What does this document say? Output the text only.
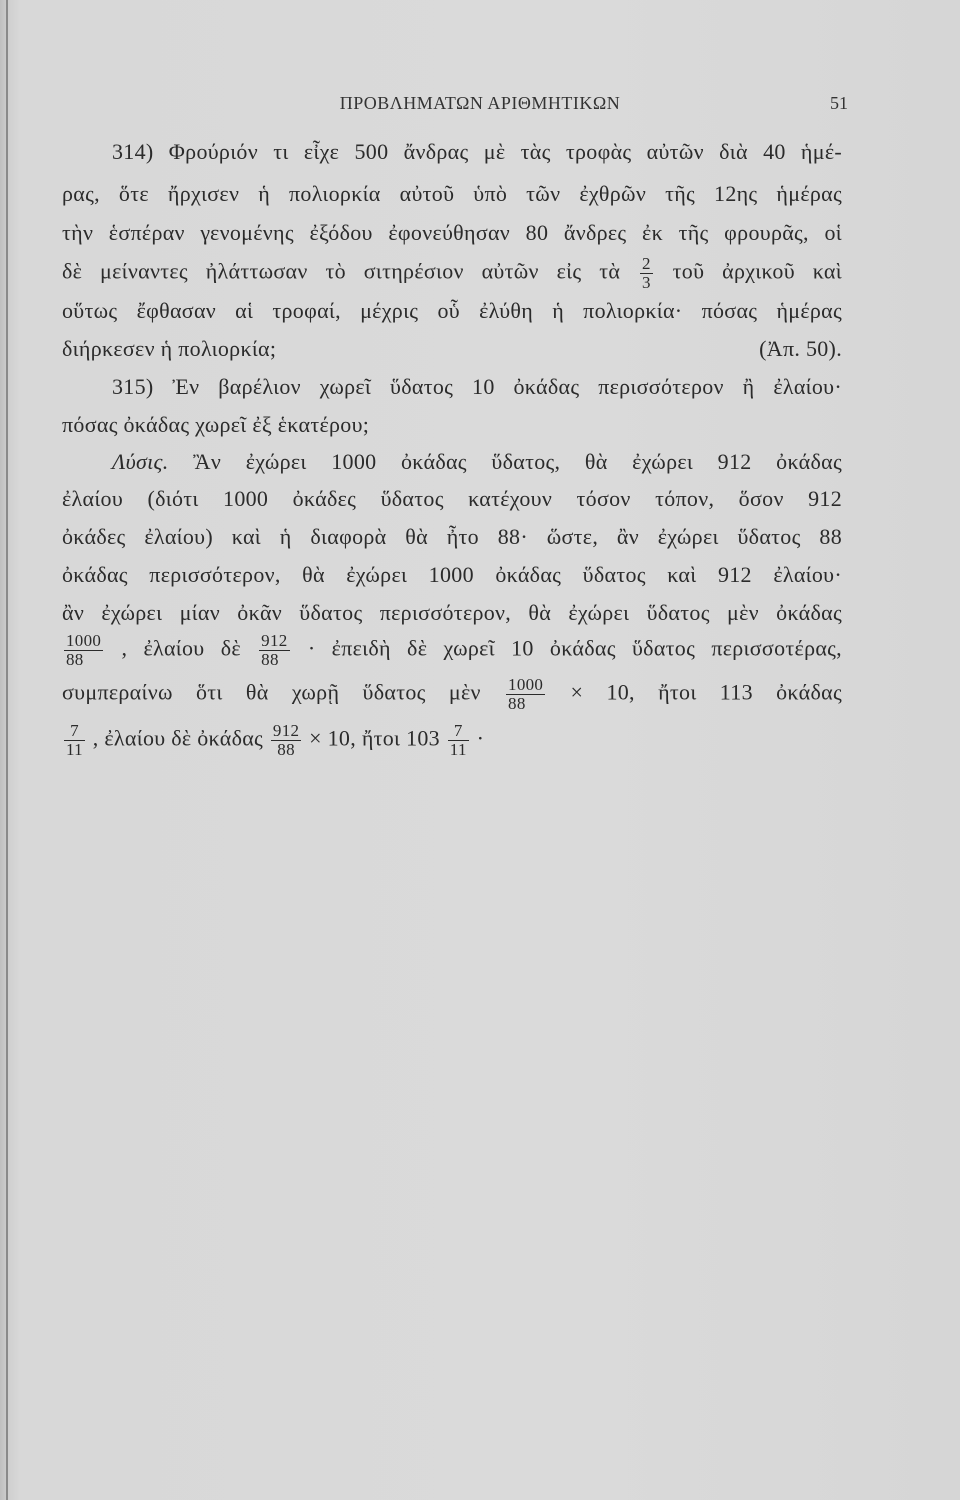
ΠΡΟΒΛΗΜΑΤΩΝ ΑΡΙΘΜΗΤΙΚΩΝ	51
314) Φρούριόν τι εἶχε 500 ἄνδρας μὲ τὰς τροφὰς αὐτῶν διὰ 40 ἡμέ-
ρας, ὅτε ἤρχισεν ἡ πολιορκία αὐτοῦ ὑπὸ τῶν ἐχθρῶν τῆς 12ης ἡμέρας
τὴν ἑσπέραν γενομένης ἐξόδου ἐφονεύθησαν 80 ἄνδρες ἐκ τῆς φρουρᾶς, οἱ
δὲ μείναντες ἠλάττωσαν τὸ σιτηρέσιον αὐτῶν εἰς τὰ $\frac{2}{3}$ τοῦ ἀρχικοῦ καὶ
οὕτως ἔφθασαν αἱ τροφαί, μέχρις οὗ ἐλύθη ἡ πολιορκία· πόσας ἡμέρας
διήρκεσεν ἡ πολιορκία;	(Ἀπ. 50).
315) Ἐν βαρέλιον χωρεῖ ὕδατος 10 ὀκάδας περισσότερον ἢ ἐλαίου·
πόσας ὀκάδας χωρεῖ ἐξ ἑκατέρου;
Λύσις. Ἂν ἐχώρει 1000 ὀκάδας ὕδατος, θὰ ἐχώρει 912 ὀκάδας
ἐλαίου (διότι 1000 ὀκάδες ὕδατος κατέχουν τόσον τόπον, ὅσον 912
ὀκάδες ἐλαίου) καὶ ἡ διαφορὰ θὰ ἦτο 88· ὥστε, ἂν ἐχώρει ὕδατος 88
ὀκάδας περισσότερον, θὰ ἐχώρει 1000 ὀκάδας ὕδατος καὶ 912 ἐλαίου·
ἂν ἐχώρει μίαν ὀκᾶν ὕδατος περισσότερον, θὰ ἐχώρει ὕδατος μὲν ὀκάδας
$\frac{1000}{88}$ , ἐλαίου δὲ $\frac{912}{88}$ · ἐπειδὴ δὲ χωρεῖ 10 ὀκάδας ὕδατος περισσοτέρας,
συμπεραίνω ὅτι θὰ χωρῇ ὕδατος μὲν $\frac{1000}{88} \times 10$, ἤτοι 113 ὀκάδας
$\frac{7}{11}$ , ἐλαίου δὲ ὀκάδας $\frac{912}{88} \times 10$, ἤτοι $103 \frac{7}{11}$ ·
